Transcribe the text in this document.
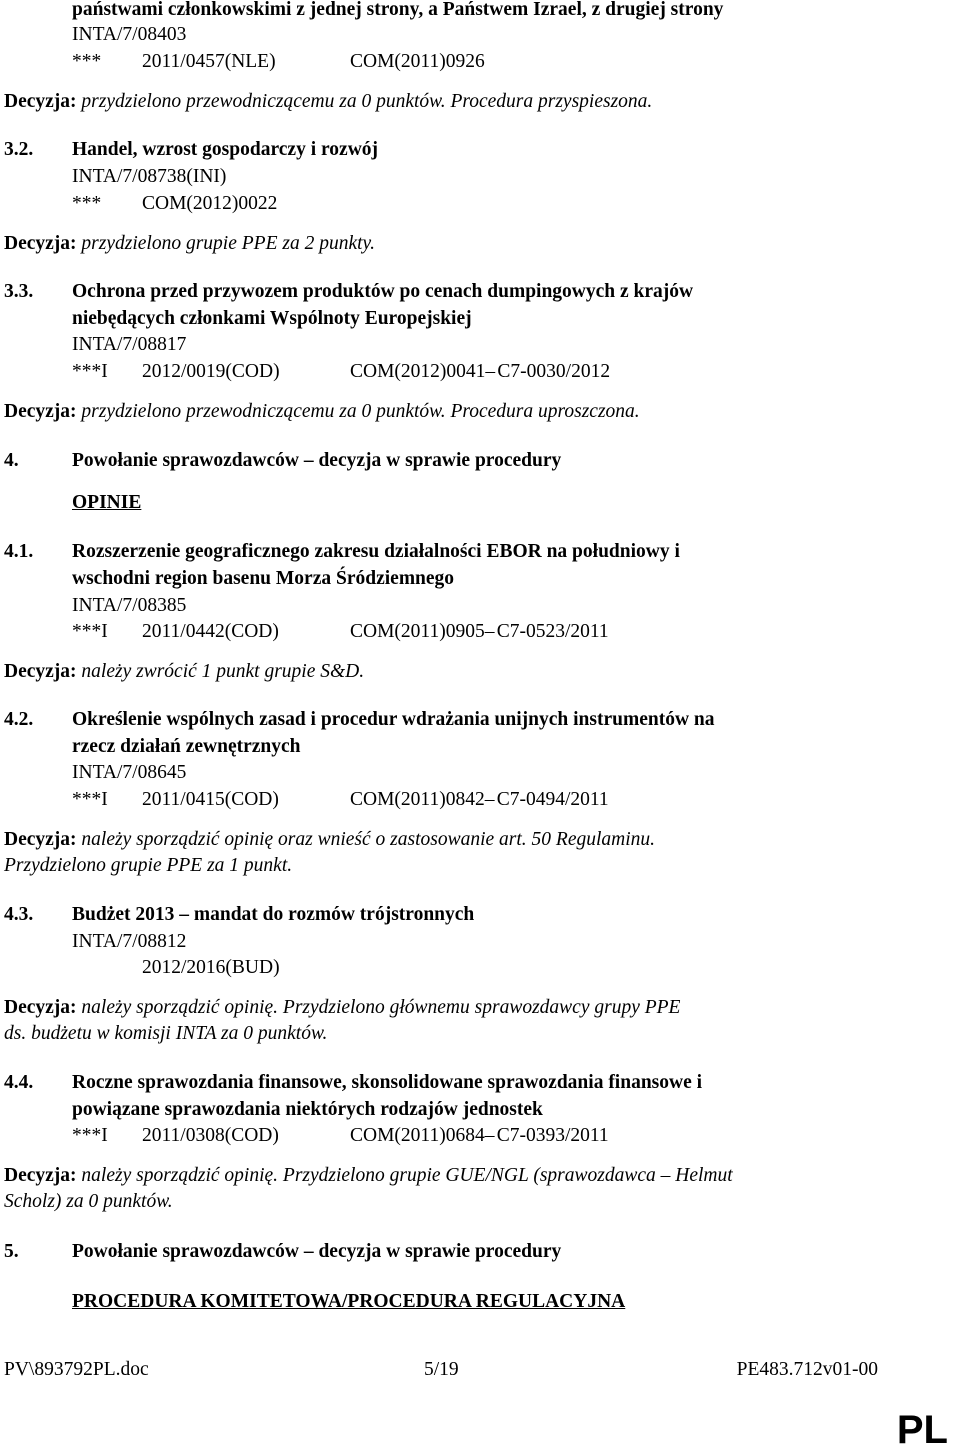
państwami członkowskimi z jednej strony, a Państwem Izrael, z drugiej strony
INTA/7/08403
*** 2011/0457(NLE)	COM(2011)0926
Decyzja: przydzielono przewodniczącemu za 0 punktów. Procedura przyspieszona.
3.2. Handel, wzrost gospodarczy i rozwój
INTA/7/08738(INI)
*** COM(2012)0022
Decyzja: przydzielono grupie PPE za 2 punkty.
3.3. Ochrona przed przywozem produktów po cenach dumpingowych z krajów
niebędących członkami Wspólnoty Europejskiej
INTA/7/08817
***I 2012/0019(COD)	COM(2012)0041– C7-0030/2012
Decyzja: przydzielono przewodniczącemu za 0 punktów. Procedura uproszczona.
4.	Powołanie sprawozdawców – decyzja w sprawie procedury
OPINIE
4.1. Rozszerzenie geograficznego zakresu działalności EBOR na południowy i
wschodni region basenu Morza Śródziemnego
INTA/7/08385
***I 2011/0442(COD)	COM(2011)0905– C7-0523/2011
Decyzja: należy zwrócić 1 punkt grupie S&D.
4.2. Określenie wspólnych zasad i procedur wdrażania unijnych instrumentów na
rzecz działań zewnętrznych
INTA/7/08645
***I 2011/0415(COD)	COM(2011)0842– C7-0494/2011
Decyzja: należy sporządzić opinię oraz wnieść o zastosowanie art. 50 Regulaminu.
Przydzielono grupie PPE za 1 punkt.
4.3. Budżet 2013 – mandat do rozmów trójstronnych
INTA/7/08812
2012/2016(BUD)
Decyzja: należy sporządzić opinię. Przydzielono głównemu sprawozdawcy grupy PPE
ds. budżetu w komisji INTA za 0 punktów.
4.4. Roczne sprawozdania finansowe, skonsolidowane sprawozdania finansowe i
powiązane sprawozdania niektórych rodzajów jednostek
***I 2011/0308(COD)	COM(2011)0684– C7-0393/2011
Decyzja: należy sporządzić opinię. Przydzielono grupie GUE/NGL (sprawozdawca – Helmut
Scholz) za 0 punktów.
5.	Powołanie sprawozdawców – decyzja w sprawie procedury
PROCEDURA KOMITETOWA/PROCEDURA REGULACYJNA
PV\893792PL.doc	5/19	PE483.712v01-00
PL
